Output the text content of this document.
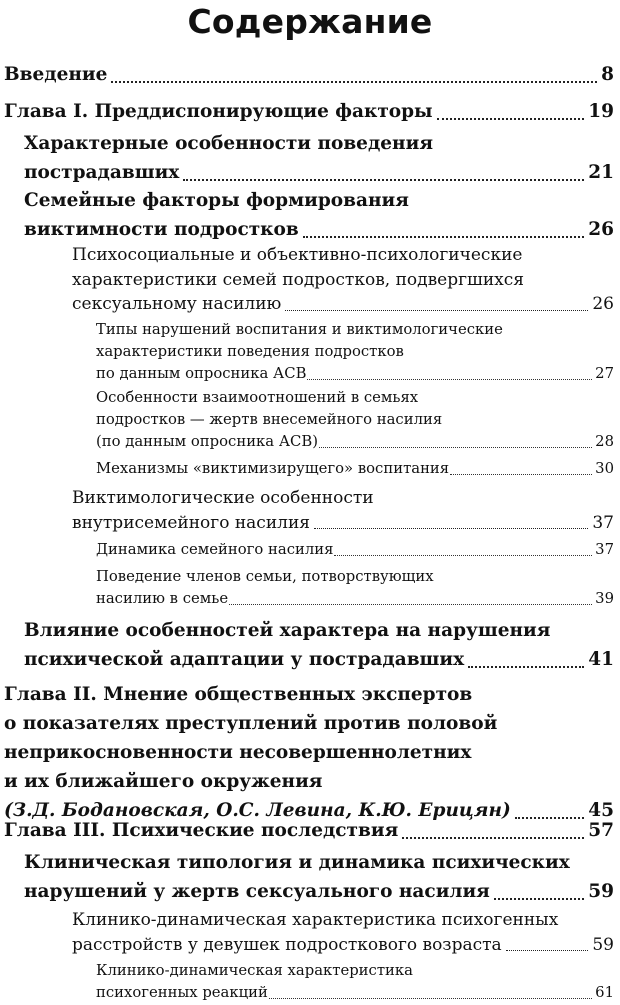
Содержание
Введение	8
Глава I. Преддиспонирующие факторы	19
Характерные особенности поведения
пострадавших	21
Семейные факторы формирования
виктимности подростков	26
Психосоциальные и объективно-психологические
характеристики семей подростков, подвергшихся
сексуальному насилию	26
Типы нарушений воспитания и виктимологические
характеристики поведения подростков
по данным опросника АСВ	27
Особенности взаимоотношений в семьях
подростков — жертв внесемейного насилия
(по данным опросника АСВ)	28
Механизмы «виктимизирущего» воспитания	30
Виктимологические особенности
внутрисемейного насилия	37
Динамика семейного насилия	37
Поведение членов семьи, потворствующих
насилию в семье	39
Влияние особенностей характера на нарушения
психической адаптации у пострадавших	41
Глава II. Мнение общественных экспертов
о показателях преступлений против половой
неприкосновенности несовершеннолетних
и их ближайшего окружения
(З.Д. Бодановская, О.С. Левина, К.Ю. Ерицян)	45
Глава III. Психические последствия	57
Клиническая типология и динамика психических
нарушений у жертв сексуального насилия	59
Клинико-динамическая характеристика психогенных
расстройств у девушек подросткового возраста	59
Клинико-динамическая характеристика
психогенных реакций	61
